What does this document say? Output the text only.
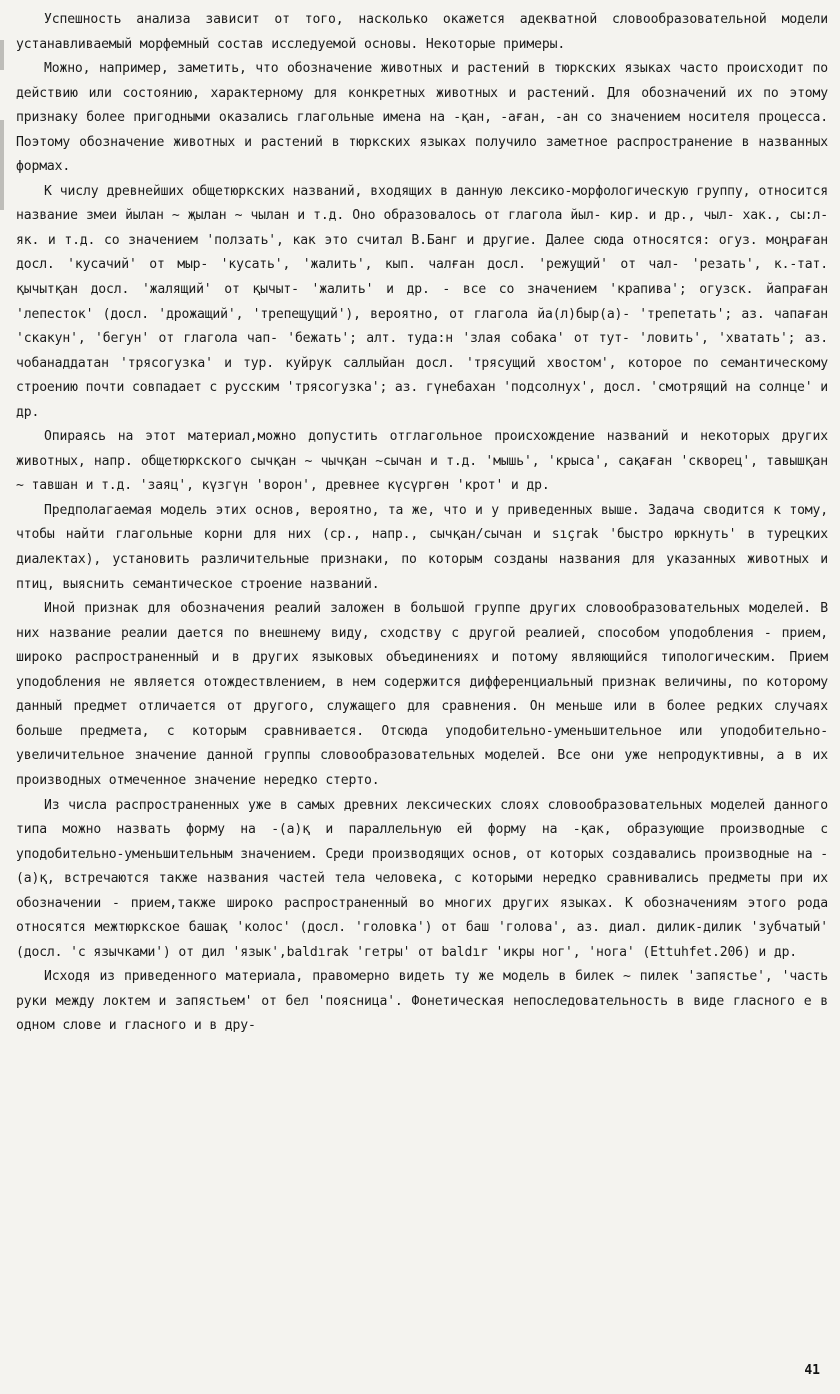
Успешность анализа зависит от того, насколько окажется адекватной словообразовательной модели устанавливаемый морфемный состав исследуемой основы. Некоторые примеры.

Можно, например, заметить, что обозначение животных и растений в тюркских языках часто происходит по действию или состоянию, характерному для конкретных животных и растений. Для обозначений их по этому признаку более пригодными оказались глагольные имена на -қан, -аған, -ан со значением носителя процесса. Поэтому обозначение животных и растений в тюркских языках получило заметное распространение в названных формах.

К числу древнейших общетюркских названий, входящих в данную лексико-морфологическую группу, относится название змеи йылан ~ җылан ~ чылан и т.д. Оно образовалось от глагола йыл- кир. и др., чыл- хак., сы:л- як. и т.д. со значением 'ползать', как это считал В.Банг и другие. Далее сюда относятся: огуз. моңраған досл. 'кусачий' от мыр- 'кусать', 'жалить', кып. чалған досл. 'режущий' от чал- 'резать', к.-тат. қычытқан досл. 'жалящий' от қычыт- 'жалить' и др. - все со значением 'крапива'; огузск. йапраған 'лепесток' (досл. 'дрожащий', 'трепещущий'), вероятно, от глагола йа(л)быр(а)- 'трепетать'; аз. чапаған 'скакун', 'бегун' от глагола чап- 'бежать'; алт. туда:н 'злая собака' от тут- 'ловить', 'хватать'; аз. чобанаддатан 'трясогузка' и тур. куйрук саллыйан досл. 'трясущий хвостом', которое по семантическому строению почти совпадает с русским 'трясогузка'; аз. гүнебахан 'подсолнух', досл. 'смотрящий на солнце' и др.

Опираясь на этот материал,можно допустить отглагольное происхождение названий и некоторых других животных, напр. общетюркского сычқан ~ чычқан ~сычан и т.д. 'мышь', 'крыса', сақаған 'скворец', тавышқан ~ тавшан и т.д. 'заяц', күзгүн 'ворон', древнее күсүргөн 'крот' и др.

Предполагаемая модель этих основ, вероятно, та же, что и у приведенных выше. Задача сводится к тому, чтобы найти глагольные корни для них (ср., напр., сычқан/сычан и sıçrak 'быстро юркнуть' в турецких диалектах), установить различительные признаки, по которым созданы названия для указанных животных и птиц, выяснить семантическое строение названий.

Иной признак для обозначения реалий заложен в большой группе других словообразовательных моделей. В них название реалии дается по внешнему виду, сходству с другой реалией, способом уподобления - прием, широко распространенный и в других языковых объединениях и потому являющийся типологическим. Прием уподобления не является отождествлением, в нем содержится дифференциальный признак величины, по которому данный предмет отличается от другого, служащего для сравнения. Он меньше или в более редких случаях больше предмета, с которым сравнивается. Отсюда уподобительно-уменьшительное или уподобительно-увеличительное значение данной группы словообразовательных моделей. Все они уже непродуктивны, а в их производных отмеченное значение нередко стерто.

Из числа распространенных уже в самых древних лексических слоях словообразовательных моделей данного типа можно назвать форму на -(а)қ и параллельную ей форму на -қак, образующие производные с уподобительно-уменьшительным значением. Среди производящих основ, от которых создавались производные на -(а)қ, встречаются также названия частей тела человека, с которыми нередко сравнивались предметы при их обозначении - прием,также широко распространенный во многих других языках. К обозначениям этого рода относятся межтюркское башақ 'колос' (досл. 'головка') от баш 'голова', аз. диал. дилик-дилик 'зубчатый' (досл. 'с язычками') от дил 'язык',baldırak 'гетры' от baldır 'икры ног', 'нога' (Ettuhfet.206) и др.

Исходя из приведенного материала, правомерно видеть ту же модель в билек ~ пилек 'запястье', 'часть руки между локтем и запястьем' от бел 'поясница'. Фонетическая непоследовательность в виде гласного е в одном слове и гласного и в дру-

41
